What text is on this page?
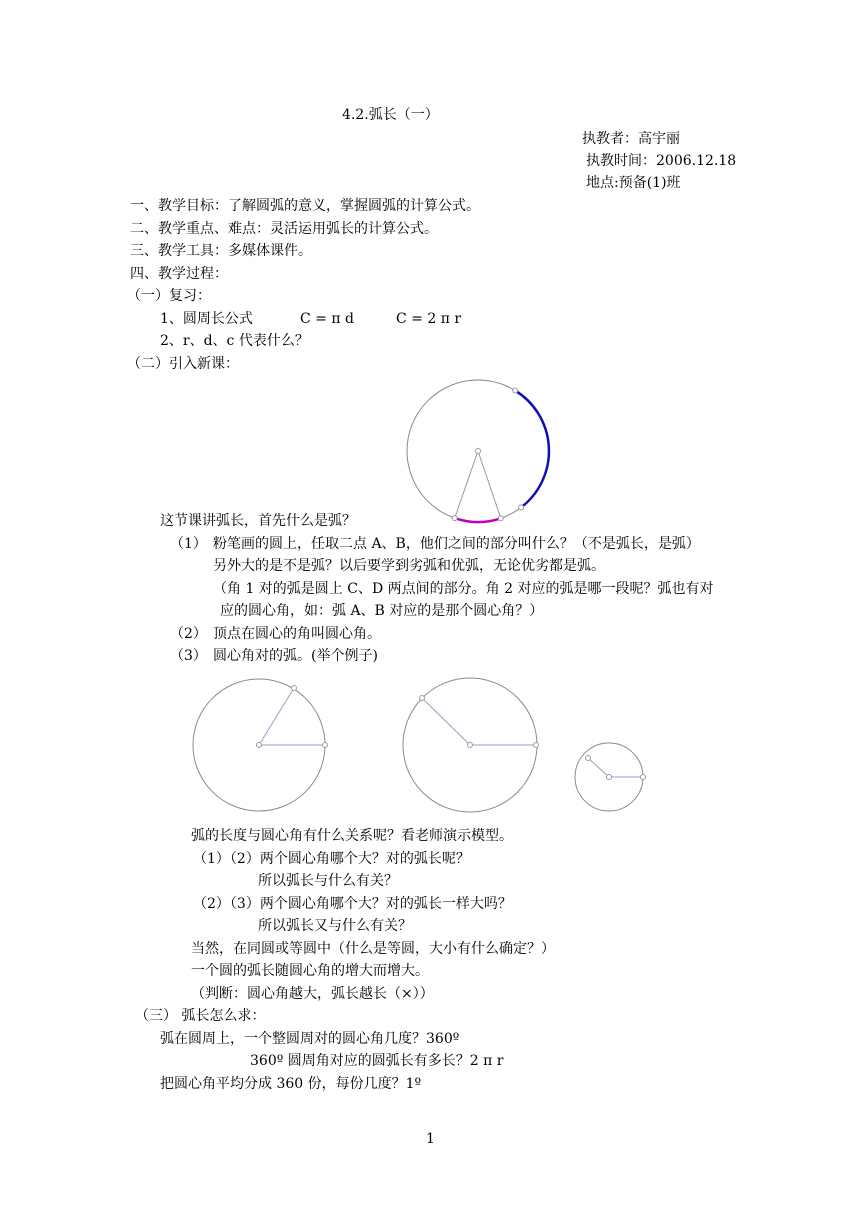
4.2.弧长（一）
执教者：高宇丽
执教时间：2006.12.18
地点:预备(1)班
一、教学目标：了解圆弧的意义，掌握圆弧的计算公式。
二、教学重点、难点：灵活运用弧长的计算公式。
三、教学工具：多媒体课件。
四、教学过程：
（一）复习：
1、圆周长公式	C = π d	C = 2 π r
2、r、d、c 代表什么？
（二）引入新课：
这节课讲弧长，首先什么是弧？
（1） 粉笔画的圆上，任取二点 A、B，他们之间的部分叫什么？（不是弧长，是弧）
另外大的是不是弧？以后要学到劣弧和优弧，无论优劣都是弧。
（角 1 对的弧是圆上 C、D 两点间的部分。角 2 对应的弧是哪一段呢？弧也有对
应的圆心角，如：弧 A、B 对应的是那个圆心角？）
（2） 顶点在圆心的角叫圆心角。
（3） 圆心角对的弧。(举个例子)
弧的长度与圆心角有什么关系呢？看老师演示模型。
（1）（2）两个圆心角哪个大？对的弧长呢？
所以弧长与什么有关？
（2）（3）两个圆心角哪个大？对的弧长一样大吗？
所以弧长又与什么有关？
当然，在同圆或等圆中（什么是等圆，大小有什么确定？）
一个圆的弧长随圆心角的增大而增大。
（判断：圆心角越大，弧长越长（×））
（三） 弧长怎么求：
弧在圆周上，一个整圆周对的圆心角几度？360º
360º 圆周角对应的圆弧长有多长？2 π r
把圆心角平均分成 360 份，每份几度？1º
1
